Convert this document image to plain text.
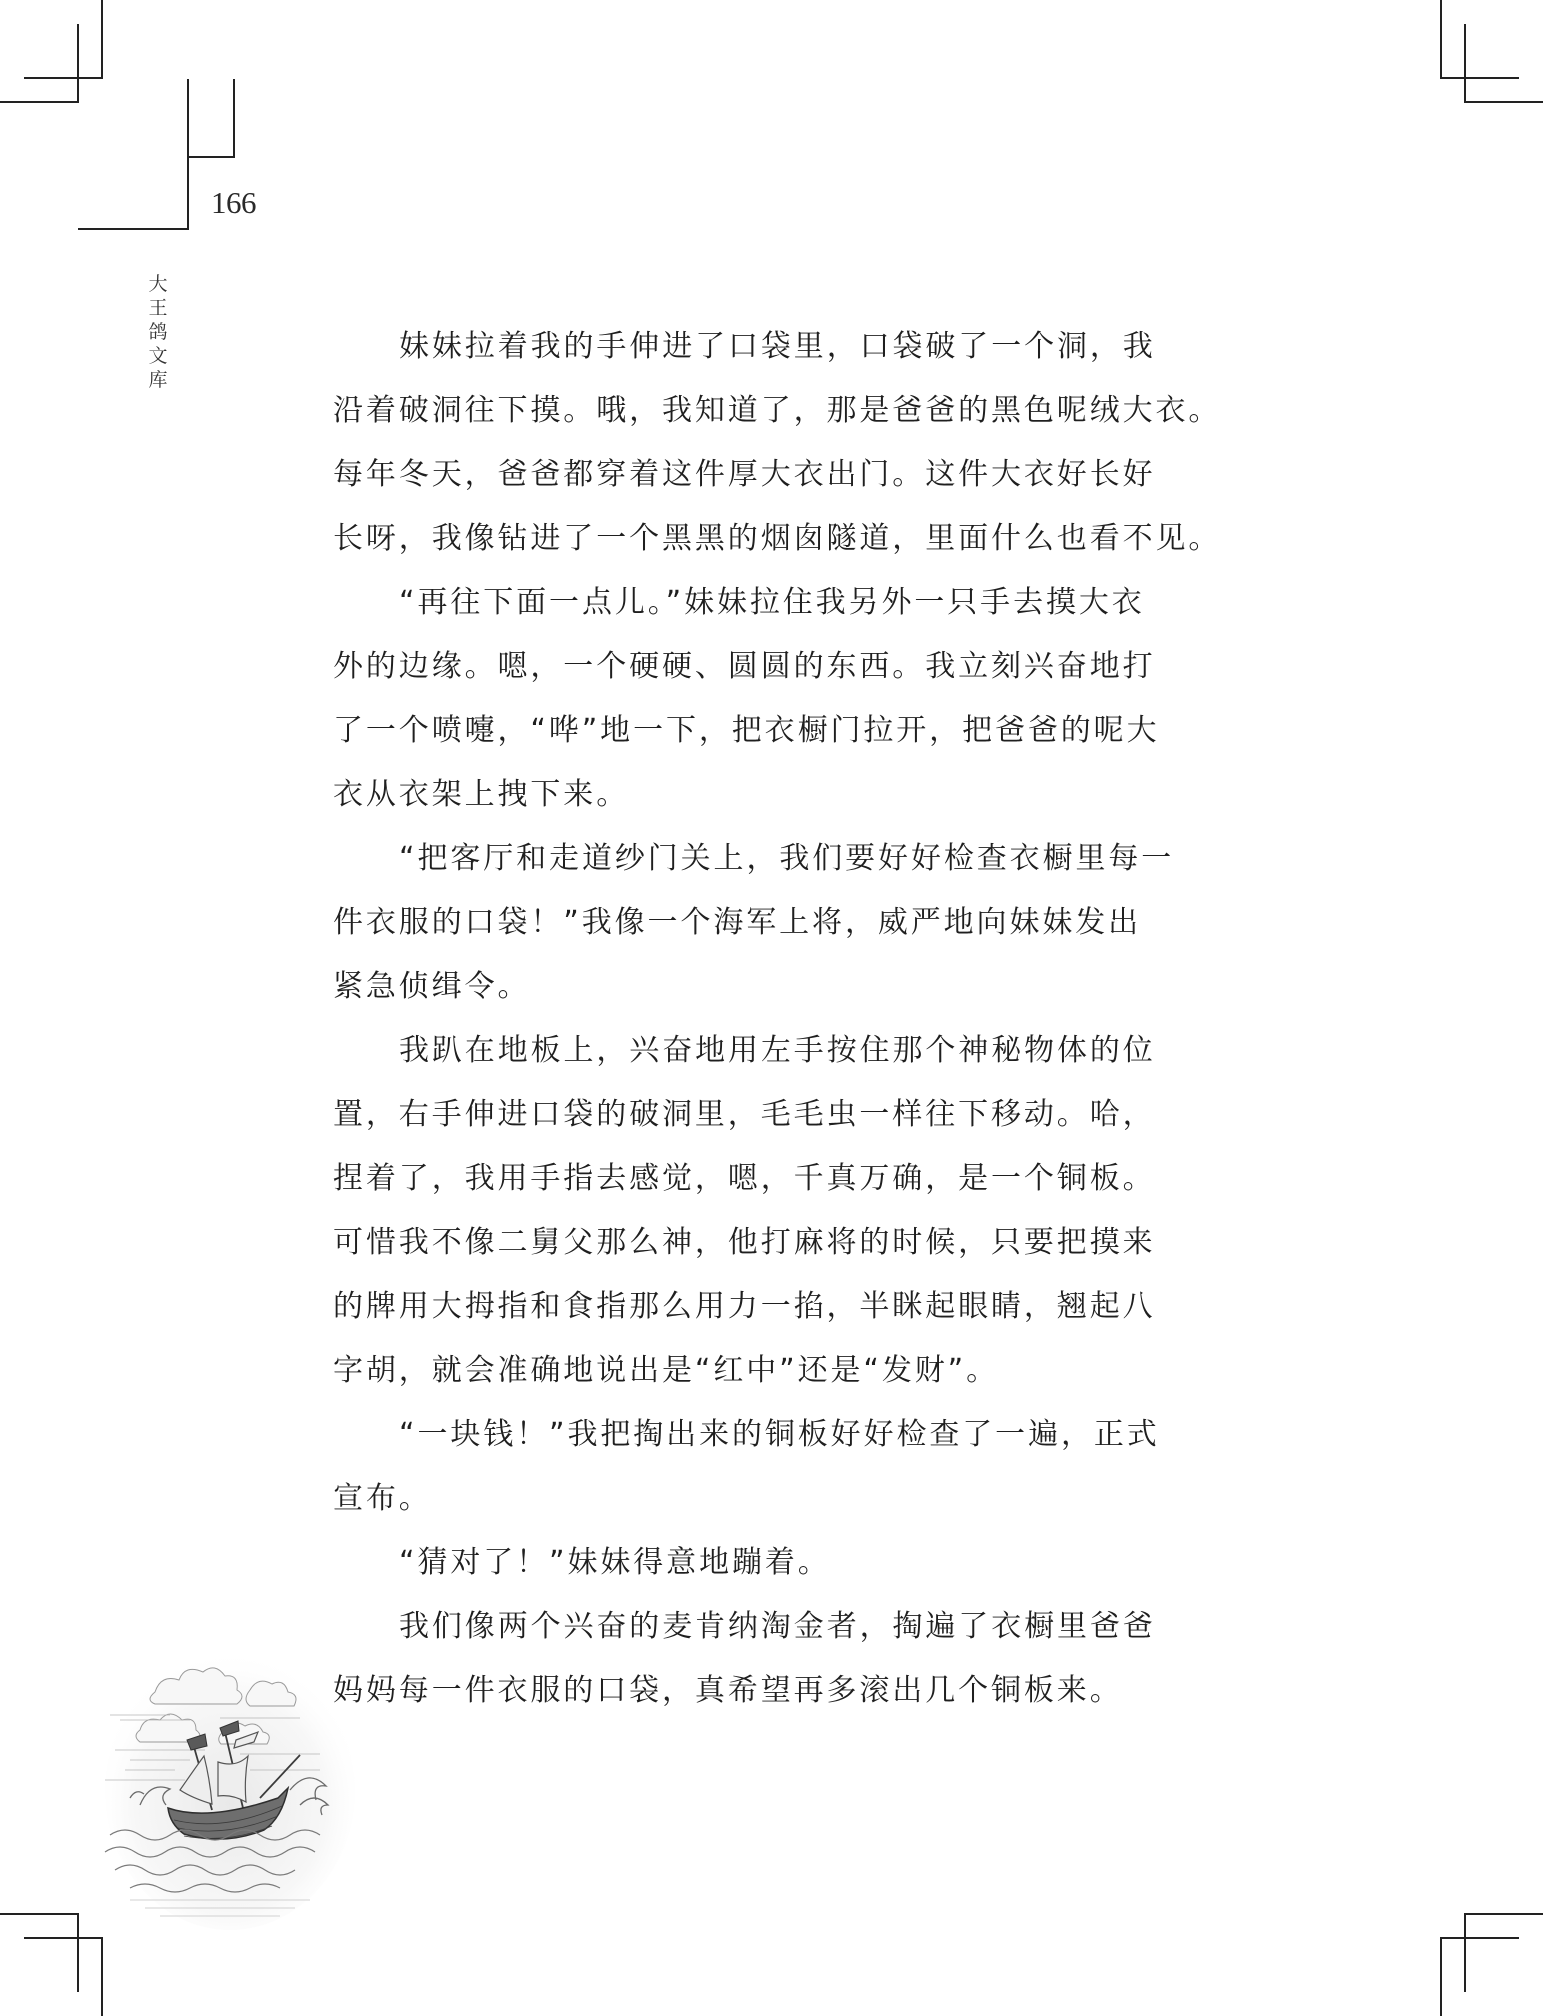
166
大
王
鸽
文
库
妹妹拉着我的手伸进了口袋里，口袋破了一个洞，我
沿着破洞往下摸。哦，我知道了，那是爸爸的黑色呢绒大衣。
每年冬天，爸爸都穿着这件厚大衣出门。这件大衣好长好
长呀，我像钻进了一个黑黑的烟囱隧道，里面什么也看不见。
“再往下面一点儿。”妹妹拉住我另外一只手去摸大衣
外的边缘。嗯，一个硬硬、圆圆的东西。我立刻兴奋地打
了一个喷嚏，“哗”地一下，把衣橱门拉开，把爸爸的呢大
衣从衣架上拽下来。
“把客厅和走道纱门关上，我们要好好检查衣橱里每一
件衣服的口袋！”我像一个海军上将，威严地向妹妹发出
紧急侦缉令。
我趴在地板上，兴奋地用左手按住那个神秘物体的位
置，右手伸进口袋的破洞里，毛毛虫一样往下移动。哈，
捏着了，我用手指去感觉，嗯，千真万确，是一个铜板。
可惜我不像二舅父那么神，他打麻将的时候，只要把摸来
的牌用大拇指和食指那么用力一掐，半眯起眼睛，翘起八
字胡，就会准确地说出是“红中”还是“发财”。
“一块钱！”我把掏出来的铜板好好检查了一遍，正式
宣布。
“猜对了！”妹妹得意地蹦着。
我们像两个兴奋的麦肯纳淘金者，掏遍了衣橱里爸爸
妈妈每一件衣服的口袋，真希望再多滚出几个铜板来。
